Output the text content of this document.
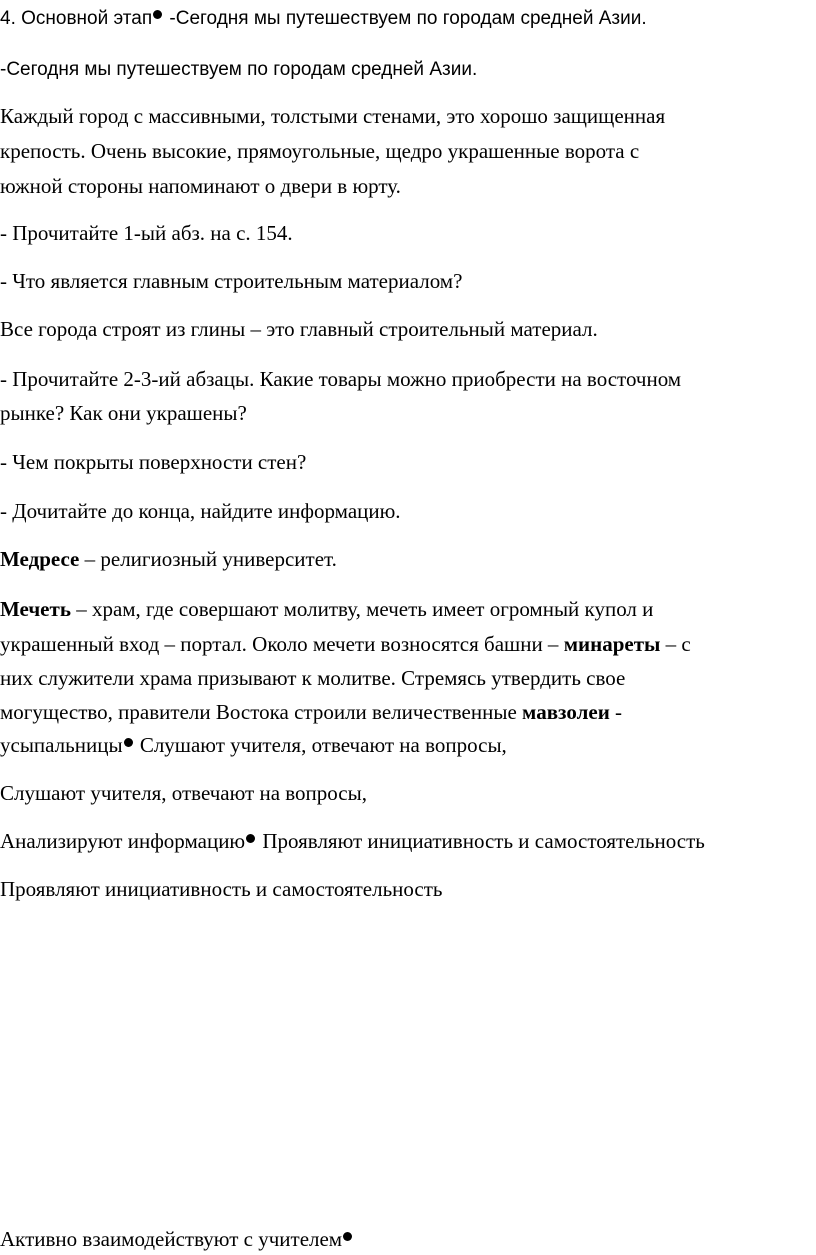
4. Основной этап -Сегодня мы путешествуем по городам средней Азии.

-Сегодня мы путешествуем по городам средней Азии.

Каждый город с массивными, толстыми стенами, это хорошо защищенная

крепость. Очень высокие, прямоугольные, щедро украшенные ворота с

южной стороны напоминают о двери в юрту.

- Прочитайте 1-ый абз. на с. 154.

- Что является главным строительным материалом?

Все города строят из глины – это главный строительный материал.

- Прочитайте 2-3-ий абзацы. Какие товары можно приобрести на восточном

рынке? Как они украшены?

- Чем покрыты поверхности стен?

- Дочитайте до конца, найдите информацию.

Медресе – религиозный университет.

Мечеть – храм, где совершают молитву, мечеть имеет огромный купол и

украшенный вход – портал. Около мечети возносятся башни – минареты – с

них служители храма призывают к молитве. Стремясь утвердить свое

могущество, правители Востока строили величественные мавзолеи -

усыпальницы Слушают учителя, отвечают на вопросы,

Слушают учителя, отвечают на вопросы,

Анализируют информацию Проявляют инициативность и самостоятельность

Проявляют инициативность и самостоятельность

Активно взаимодействуют с учителем
